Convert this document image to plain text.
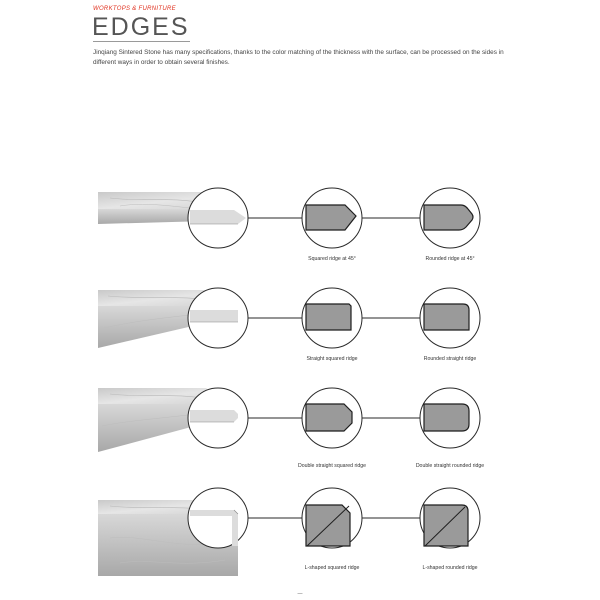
WORKTOPS & FURNITURE
EDGES
Jinqiang Sintered Stone has many specifications, thanks to the color matching of the thickness with the surface, can be processed on the sides in different ways in order to obtain several finishes.
Squared ridge at 45°	Rounded ridge at 45°
Straight squared ridge	Rounded straight ridge
Double straight squared ridge	Double straight rounded ridge
L-shaped squared ridge	L-shaped rounded ridge
—
